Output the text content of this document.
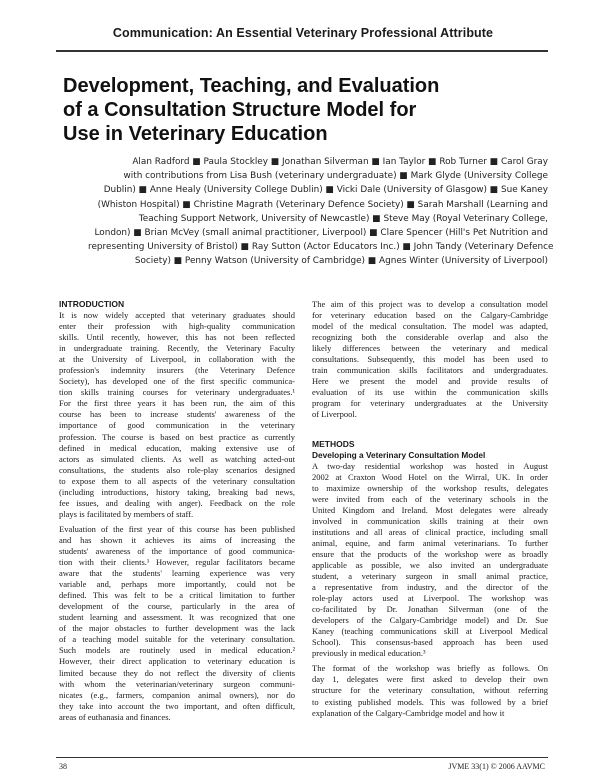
Communication: An Essential Veterinary Professional Attribute
Development, Teaching, and Evaluation
of a Consultation Structure Model for
Use in Veterinary Education
Alan Radford ■ Paula Stockley ■ Jonathan Silverman ■ Ian Taylor ■ Rob Turner ■ Carol Gray
with contributions from Lisa Bush (veterinary undergraduate) ■ Mark Glyde (University College
Dublin) ■ Anne Healy (University College Dublin) ■ Vicki Dale (University of Glasgow) ■ Sue Kaney
(Whiston Hospital) ■ Christine Magrath (Veterinary Defence Society) ■ Sarah Marshall (Learning and
Teaching Support Network, University of Newcastle) ■ Steve May (Royal Veterinary College,
London) ■ Brian McVey (small animal practitioner, Liverpool) ■ Clare Spencer (Hill's Pet Nutrition and
representing University of Bristol) ■ Ray Sutton (Actor Educators Inc.) ■ John Tandy (Veterinary Defence
Society) ■ Penny Watson (University of Cambridge) ■ Agnes Winter (University of Liverpool)
INTRODUCTION

It is now widely accepted that veterinary graduates should
enter their profession with high-quality communication
skills. Until recently, however, this has not been reflected
in undergraduate training. Recently, the Veterinary Faculty
at the University of Liverpool, in collaboration with the
profession's indemnity insurers (the Veterinary Defence
Society), has developed one of the first specific communica-
tion skills training courses for veterinary undergraduates.¹
For the first three years it has been run, the aim of this
course has been to increase students' awareness of the
importance of good communication in the veterinary
profession. The course is based on best practice as currently
defined in medical education, making extensive use of
actors as simulated clients. As well as watching acted-out
consultations, the students also role-play scenarios designed
to expose them to all aspects of the veterinary consultation
(including introductions, history taking, breaking bad news,
fee issues, and dealing with anger). Feedback on the role
plays is facilitated by members of staff.

Evaluation of the first year of this course has been published
and has shown it achieves its aims of increasing the
students' awareness of the importance of good communica-
tion with their clients.¹ However, regular facilitators became
aware that the students' learning experience was very
variable and, perhaps more importantly, could not be
defined. This was felt to be a critical limitation to further
development of the course, particularly in the area of
student learning and assessment. It was recognized that one
of the major obstacles to further development was the lack
of a teaching model suitable for the veterinary consultation.
Such models are routinely used in medical education.²
However, their direct application to veterinary education is
limited because they do not reflect the diversity of clients
with whom the veterinarian/veterinary surgeon communi-
nicates (e.g., farmers, companion animal owners), nor do
they take into account the two important, and often difficult,
areas of euthanasia and finances.

The aim of this project was to develop a consultation model
for veterinary education based on the Calgary-Cambridge
model of the medical consultation. The model was adapted,
recognizing both the considerable overlap and also the
likely differences between the veterinary and medical
consultations. Subsequently, this model has been used to
train communication skills facilitators and undergraduates.
Here we present the model and provide results of
evaluation of its use within the communication skills
program for veterinary undergraduates at the University
of Liverpool.

METHODS
Developing a Veterinary Consultation Model

A two-day residential workshop was hosted in August
2002 at Craxton Wood Hotel on the Wirral, UK. In order
to maximize ownership of the workshop results, delegates
were invited from each of the veterinary schools in the
United Kingdom and Ireland. Most delegates were already
involved in communication skills training at their own
institutions and all areas of clinical practice, including small
animal, equine, and farm animal veterinarians. To further
ensure that the products of the workshop were as broadly
applicable as possible, we also invited an undergraduate
student, a veterinary surgeon in small animal practice,
a representative from industry, and the director of the
role-play actors used at Liverpool. The workshop was
co-facilitated by Dr. Jonathan Silverman (one of the
developers of the Calgary-Cambridge model) and Dr. Sue
Kaney (teaching communications skill at Liverpool Medical
School). This consensus-based approach has been used
previously in medical education.³

The format of the workshop was briefly as follows. On
day 1, delegates were first asked to develop their own
structure for the veterinary consultation, without referring
to existing published models. This was followed by a brief
explanation of the Calgary-Cambridge model and how it

38	JVME 33(1) © 2006 AAVMC
